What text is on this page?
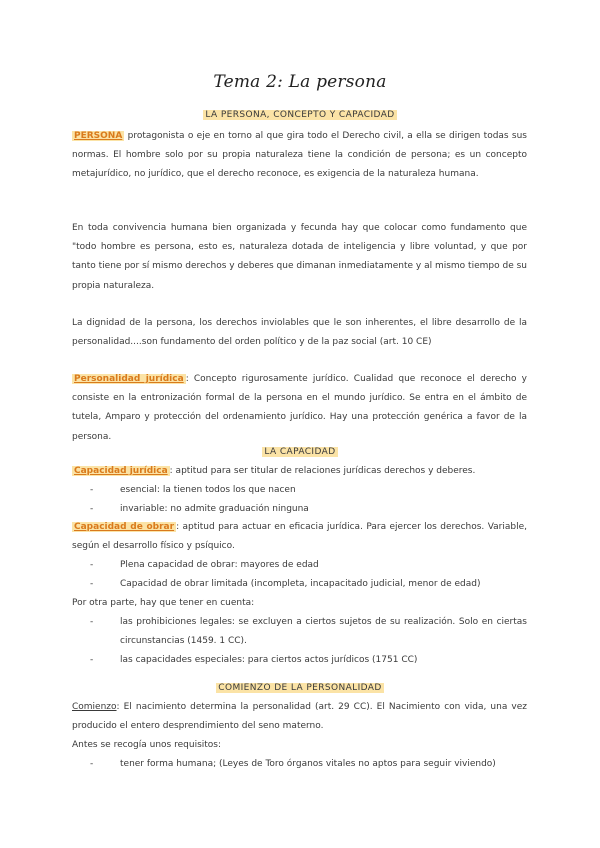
Tema 2: La persona
LA PERSONA, CONCEPTO Y CAPACIDAD
PERSONA protagonista o eje en torno al que gira todo el Derecho civil, a ella se dirigen todas sus normas. El hombre solo por su propia naturaleza tiene la condición de persona; es un concepto metajurídico, no jurídico, que el derecho reconoce, es exigencia de la naturaleza humana.
En toda convivencia humana bien organizada y fecunda hay que colocar como fundamento que "todo hombre es persona, esto es, naturaleza dotada de inteligencia y libre voluntad, y que por tanto tiene por sí mismo derechos y deberes que dimanan inmediatamente y al mismo tiempo de su propia naturaleza.
La dignidad de la persona, los derechos inviolables que le son inherentes, el libre desarrollo de la personalidad....son fundamento del orden político y de la paz social (art. 10 CE)
Personalidad jurídica : Concepto rigurosamente jurídico. Cualidad que reconoce el derecho y consiste en la entronización formal de la persona en el mundo jurídico. Se entra en el ámbito de tutela, Amparo y protección del ordenamiento jurídico. Hay una protección genérica a favor de la persona.
LA CAPACIDAD
Capacidad jurídica : aptitud para ser titular de relaciones jurídicas derechos y deberes.
-	esencial: la tienen todos los que nacen
-	invariable: no admite graduación ninguna
Capacidad de obrar : aptitud para actuar en eficacia jurídica. Para ejercer los derechos. Variable, según el desarrollo físico y psíquico.
-	Plena capacidad de obrar: mayores de edad
-	Capacidad de obrar limitada (incompleta, incapacitado judicial, menor de edad)
Por otra parte, hay que tener en cuenta:
-	las prohibiciones legales: se excluyen a ciertos sujetos de su realización. Solo en ciertas circunstancias (1459. 1 CC).
-	las capacidades especiales: para ciertos actos jurídicos (1751 CC)
COMIENZO DE LA PERSONALIDAD
Comienzo: El nacimiento determina la personalidad (art. 29 CC). El Nacimiento con vida, una vez producido el entero desprendimiento del seno materno.
Antes se recogía unos requisitos:
-	tener forma humana; (Leyes de Toro órganos vitales no aptos para seguir viviendo)
